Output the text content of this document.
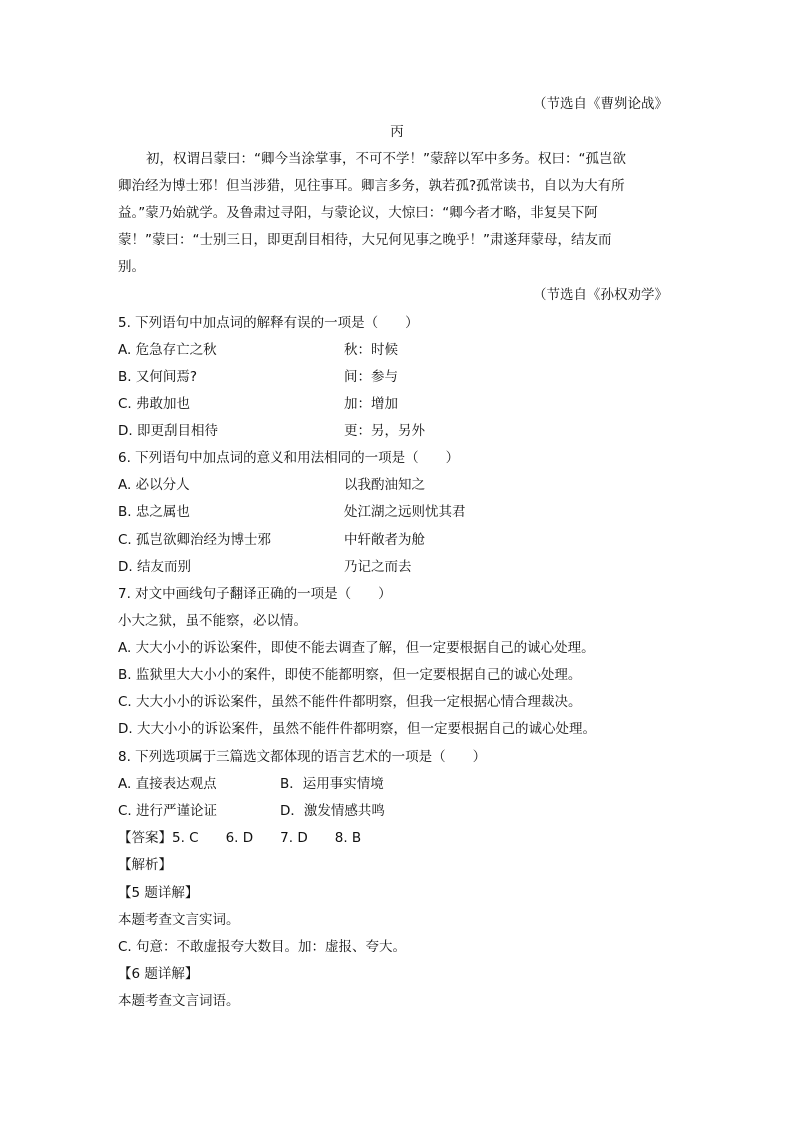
（节选自《曹刿论战》
丙
初，权谓吕蒙曰：“卿今当涂掌事，不可不学！”蒙辞以军中多务。权曰：“孤岂欲
卿治经为博士邪！但当涉猎，见往事耳。卿言多务，孰若孤?孤常读书，自以为大有所
益。”蒙乃始就学。及鲁肃过寻阳，与蒙论议，大惊曰：“卿今者才略，非复吴下阿
蒙！”蒙曰：“士别三日，即更刮目相待，大兄何见事之晚乎！”肃遂拜蒙母，结友而
别。
（节选自《孙权劝学》
5. 下列语句中加点词的解释有误的一项是（　　）
A. 危急存亡之秋	秋：时候
B. 又何间焉?	间：参与
C. 弗敢加也	加：增加
D. 即更刮目相待	更：另，另外
6. 下列语句中加点词的意义和用法相同的一项是（　　）
A. 必以分人	以我酌油知之
B. 忠之属也	处江湖之远则忧其君
C. 孤岂欲卿治经为博士邪	中轩敞者为舱
D. 结友而别	乃记之而去
7. 对文中画线句子翻译正确的一项是（　　）
小大之狱，虽不能察，必以情。
A. 大大小小的诉讼案件，即使不能去调查了解，但一定要根据自己的诚心处理。
B. 监狱里大大小小的案件，即使不能都明察，但一定要根据自己的诚心处理。
C. 大大小小的诉讼案件，虽然不能件件都明察，但我一定根据心情合理裁决。
D. 大大小小的诉讼案件，虽然不能件件都明察，但一定要根据自己的诚心处理。
8. 下列选项属于三篇选文都体现的语言艺术的一项是（　　）
A. 直接表达观点	B．运用事实情境
C. 进行严谨论证	D．激发情感共鸣
【答案】5. C　　6. D　　7. D　　8. B
【解析】
【5 题详解】
本题考查文言实词。
C. 句意：不敢虚报夸大数目。加：虚报、夸大。
【6 题详解】
本题考查文言词语。
